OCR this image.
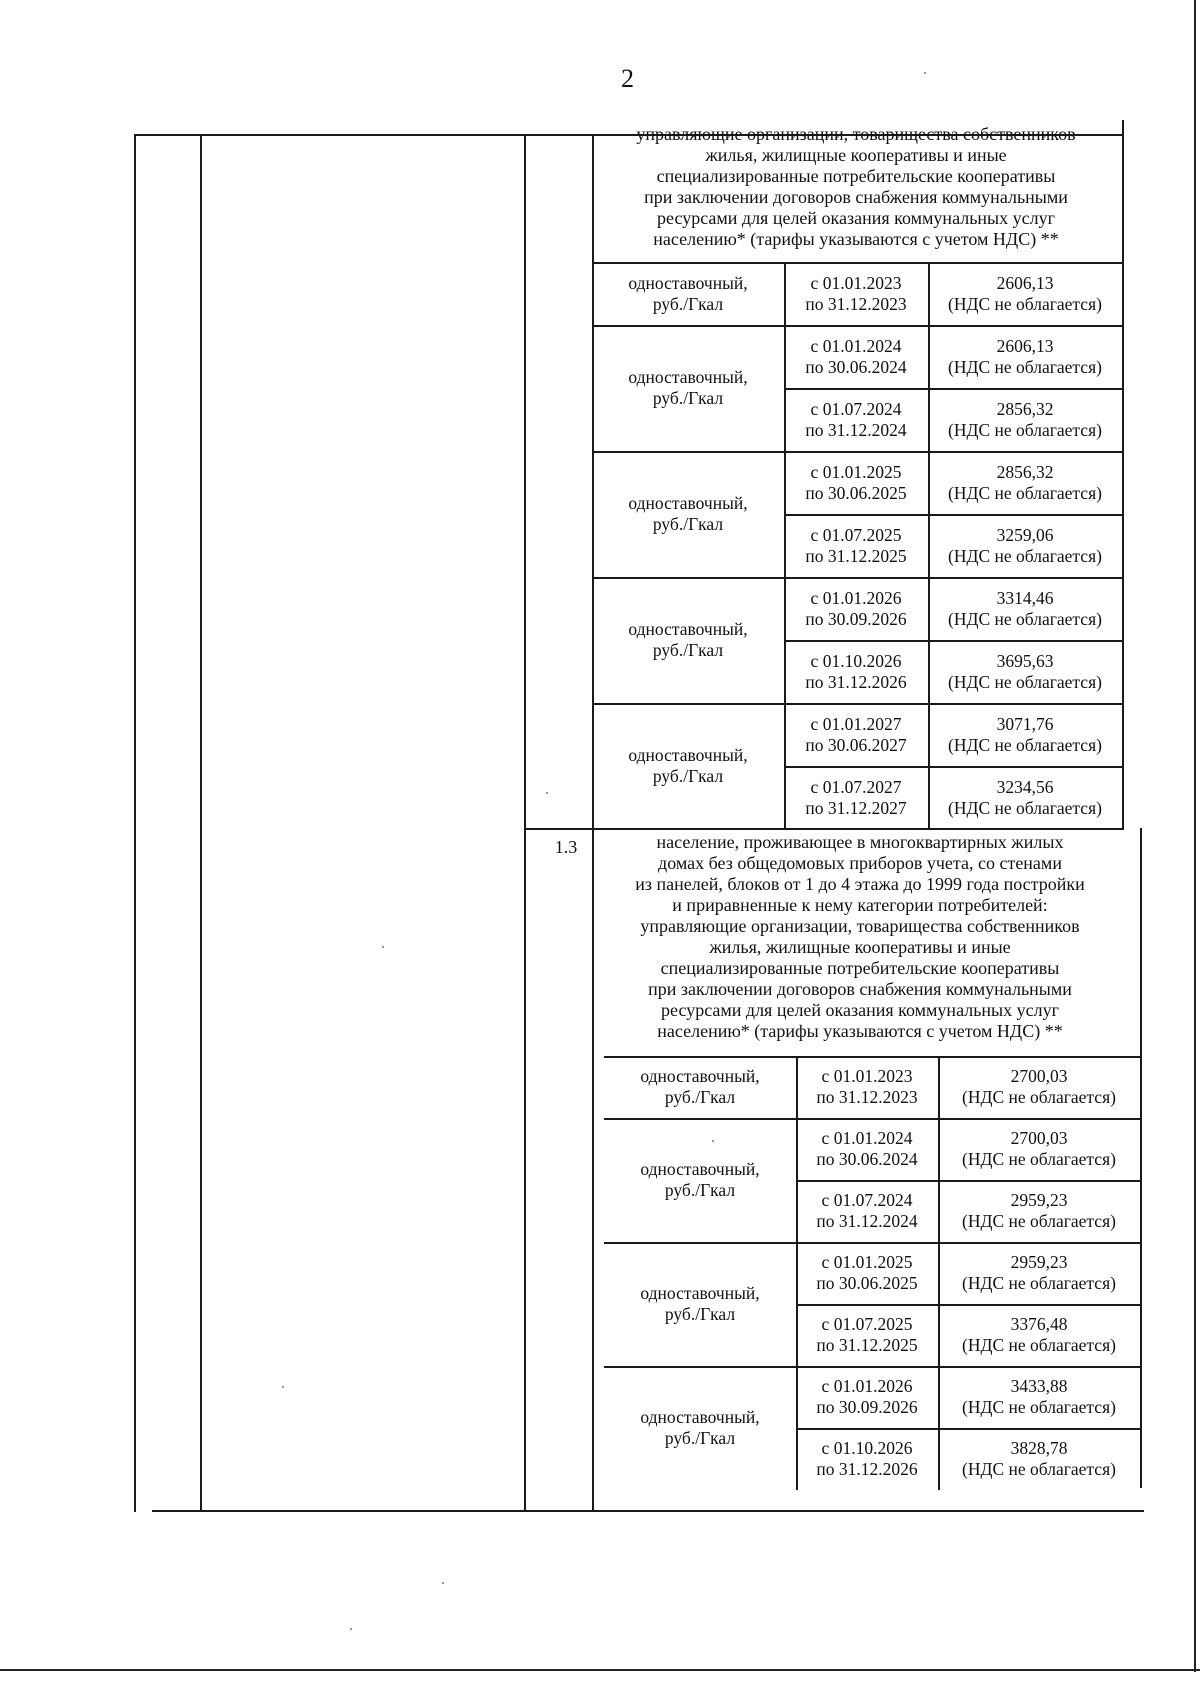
2
управляющие организации, товарищества собственников
жилья, жилищные кооперативы и иные
специализированные потребительские кооперативы
при заключении договоров снабжения коммунальными
ресурсами для целей оказания коммунальных услуг
населению* (тарифы указываются с учетом НДС) **
одноставочный,
руб./Гкал
с 01.01.2023
по 31.12.2023
2606,13
(НДС не облагается)
одноставочный,
руб./Гкал
с 01.01.2024
по 30.06.2024
2606,13
(НДС не облагается)
с 01.07.2024
по 31.12.2024
2856,32
(НДС не облагается)
одноставочный,
руб./Гкал
с 01.01.2025
по 30.06.2025
2856,32
(НДС не облагается)
с 01.07.2025
по 31.12.2025
3259,06
(НДС не облагается)
одноставочный,
руб./Гкал
с 01.01.2026
по 30.09.2026
3314,46
(НДС не облагается)
с 01.10.2026
по 31.12.2026
3695,63
(НДС не облагается)
одноставочный,
руб./Гкал
с 01.01.2027
по 30.06.2027
3071,76
(НДС не облагается)
с 01.07.2027
по 31.12.2027
3234,56
(НДС не облагается)
1.3	население, проживающее в многоквартирных жилых
домах без общедомовых приборов учета, со стенами
из панелей, блоков от 1 до 4 этажа до 1999 года постройки
и приравненные к нему категории потребителей:
управляющие организации, товарищества собственников
жилья, жилищные кооперативы и иные
специализированные потребительские кооперативы
при заключении договоров снабжения коммунальными
ресурсами для целей оказания коммунальных услуг
населению* (тарифы указываются с учетом НДС) **
одноставочный,
руб./Гкал
с 01.01.2023
по 31.12.2023
2700,03
(НДС не облагается)
одноставочный,
руб./Гкал
с 01.01.2024
по 30.06.2024
2700,03
(НДС не облагается)
с 01.07.2024
по 31.12.2024
2959,23
(НДС не облагается)
одноставочный,
руб./Гкал
с 01.01.2025
по 30.06.2025
2959,23
(НДС не облагается)
с 01.07.2025
по 31.12.2025
3376,48
(НДС не облагается)
одноставочный,
руб./Гкал
с 01.01.2026
по 30.09.2026
3433,88
(НДС не облагается)
с 01.10.2026
по 31.12.2026
3828,78
(НДС не облагается)
